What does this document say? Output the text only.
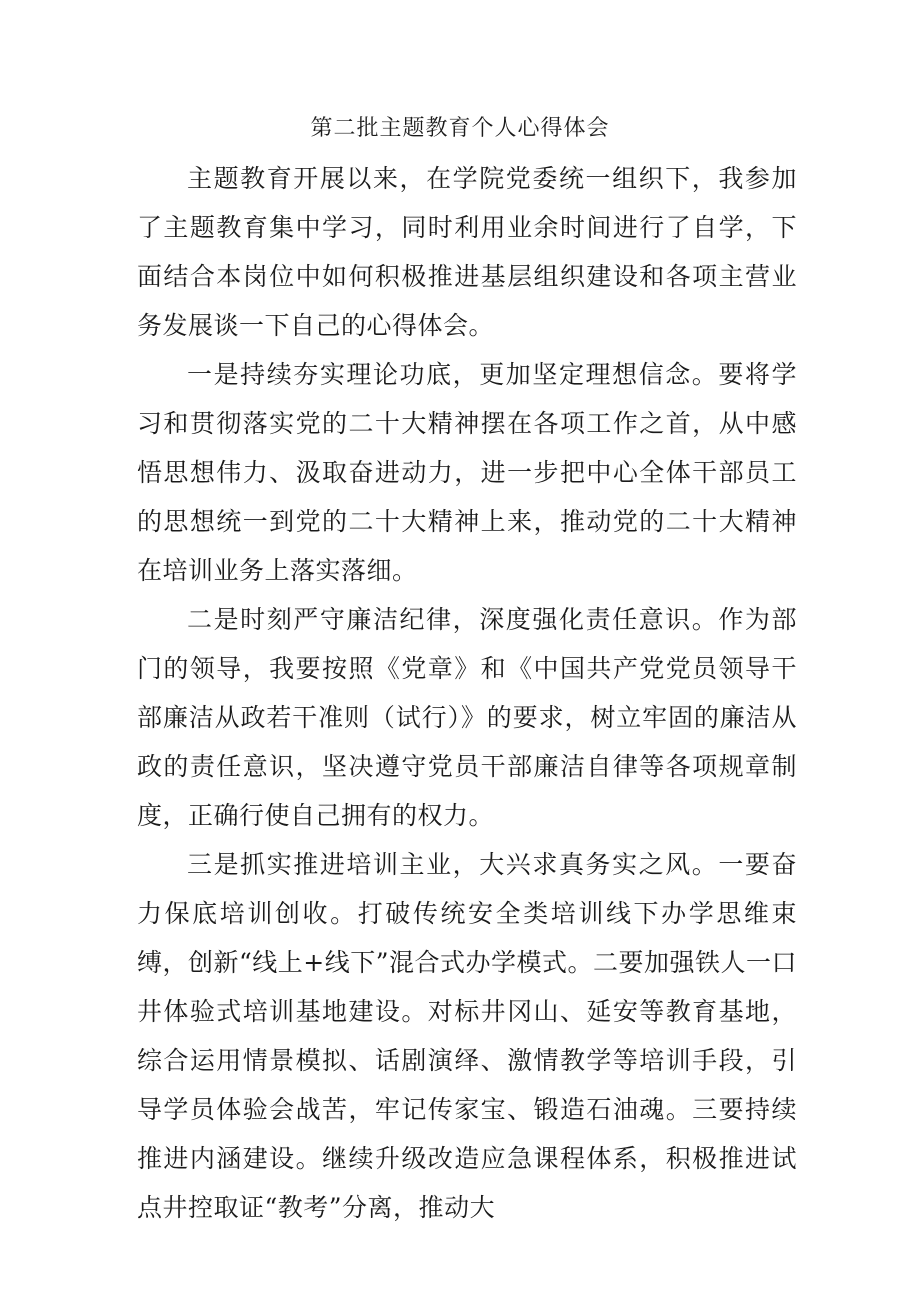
第二批主题教育个人心得体会

主题教育开展以来，在学院党委统一组织下，我参加了主题教育集中学习，同时利用业余时间进行了自学，下面结合本岗位中如何积极推进基层组织建设和各项主营业务发展谈一下自己的心得体会。

一是持续夯实理论功底，更加坚定理想信念。要将学习和贯彻落实党的二十大精神摆在各项工作之首，从中感悟思想伟力、汲取奋进动力，进一步把中心全体干部员工的思想统一到党的二十大精神上来，推动党的二十大精神在培训业务上落实落细。

二是时刻严守廉洁纪律，深度强化责任意识。作为部门的领导，我要按照《党章》和《中国共产党党员领导干部廉洁从政若干准则（试行）》的要求，树立牢固的廉洁从政的责任意识，坚决遵守党员干部廉洁自律等各项规章制度，正确行使自己拥有的权力。

三是抓实推进培训主业，大兴求真务实之风。一要奋力保底培训创收。打破传统安全类培训线下办学思维束缚，创新“线上+线下”混合式办学模式。二要加强铁人一口井体验式培训基地建设。对标井冈山、延安等教育基地，综合运用情景模拟、话剧演绎、激情教学等培训手段，引导学员体验会战苦，牢记传家宝、锻造石油魂。三要持续推进内涵建设。继续升级改造应急课程体系，积极推进试点井控取证“教考”分离，推动大
